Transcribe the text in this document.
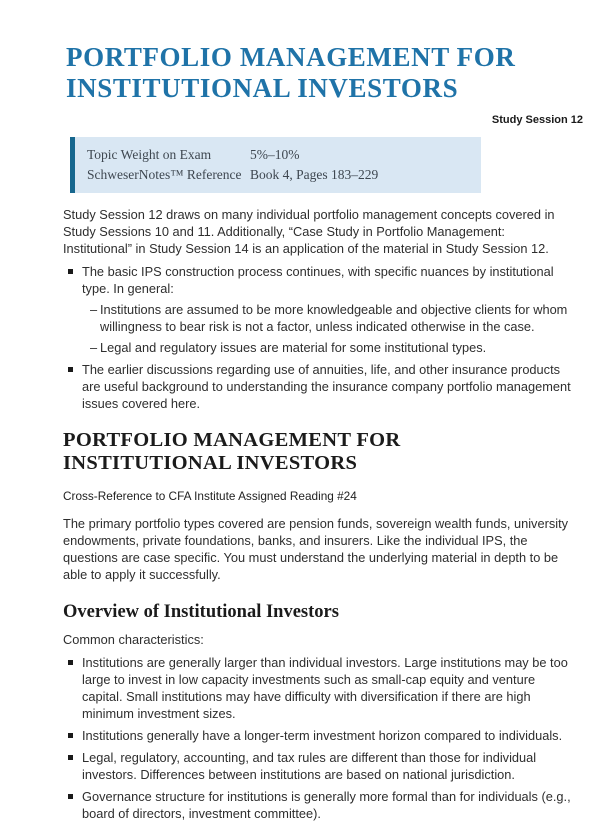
PORTFOLIO MANAGEMENT FOR INSTITUTIONAL INVESTORS
Study Session 12
Topic Weight on Exam	5%–10%
SchweserNotes™ Reference Book 4, Pages 183–229

Study Session 12 draws on many individual portfolio management concepts covered in Study Sessions 10 and 11. Additionally, “Case Study in Portfolio Management: Institutional” in Study Session 14 is an application of the material in Study Session 12.

The basic IPS construction process continues, with specific nuances by institutional type. In general:
– Institutions are assumed to be more knowledgeable and objective clients for whom willingness to bear risk is not a factor, unless indicated otherwise in the case.
– Legal and regulatory issues are material for some institutional types.
The earlier discussions regarding use of annuities, life, and other insurance products are useful background to understanding the insurance company portfolio management issues covered here.
PORTFOLIO MANAGEMENT FOR INSTITUTIONAL INVESTORS

Cross-Reference to CFA Institute Assigned Reading #24

The primary portfolio types covered are pension funds, sovereign wealth funds, university endowments, private foundations, banks, and insurers. Like the individual IPS, the questions are case specific. You must understand the underlying material in depth to be able to apply it successfully.

Overview of Institutional Investors

Common characteristics:

Institutions are generally larger than individual investors. Large institutions may be too large to invest in low capacity investments such as small-cap equity and venture capital. Small institutions may have difficulty with diversification if there are high minimum investment sizes.
Institutions generally have a longer-term investment horizon compared to individuals.
Legal, regulatory, accounting, and tax rules are different than those for individual investors. Differences between institutions are based on national jurisdiction.
Governance structure for institutions is generally more formal than for individuals (e.g., board of directors, investment committee).
